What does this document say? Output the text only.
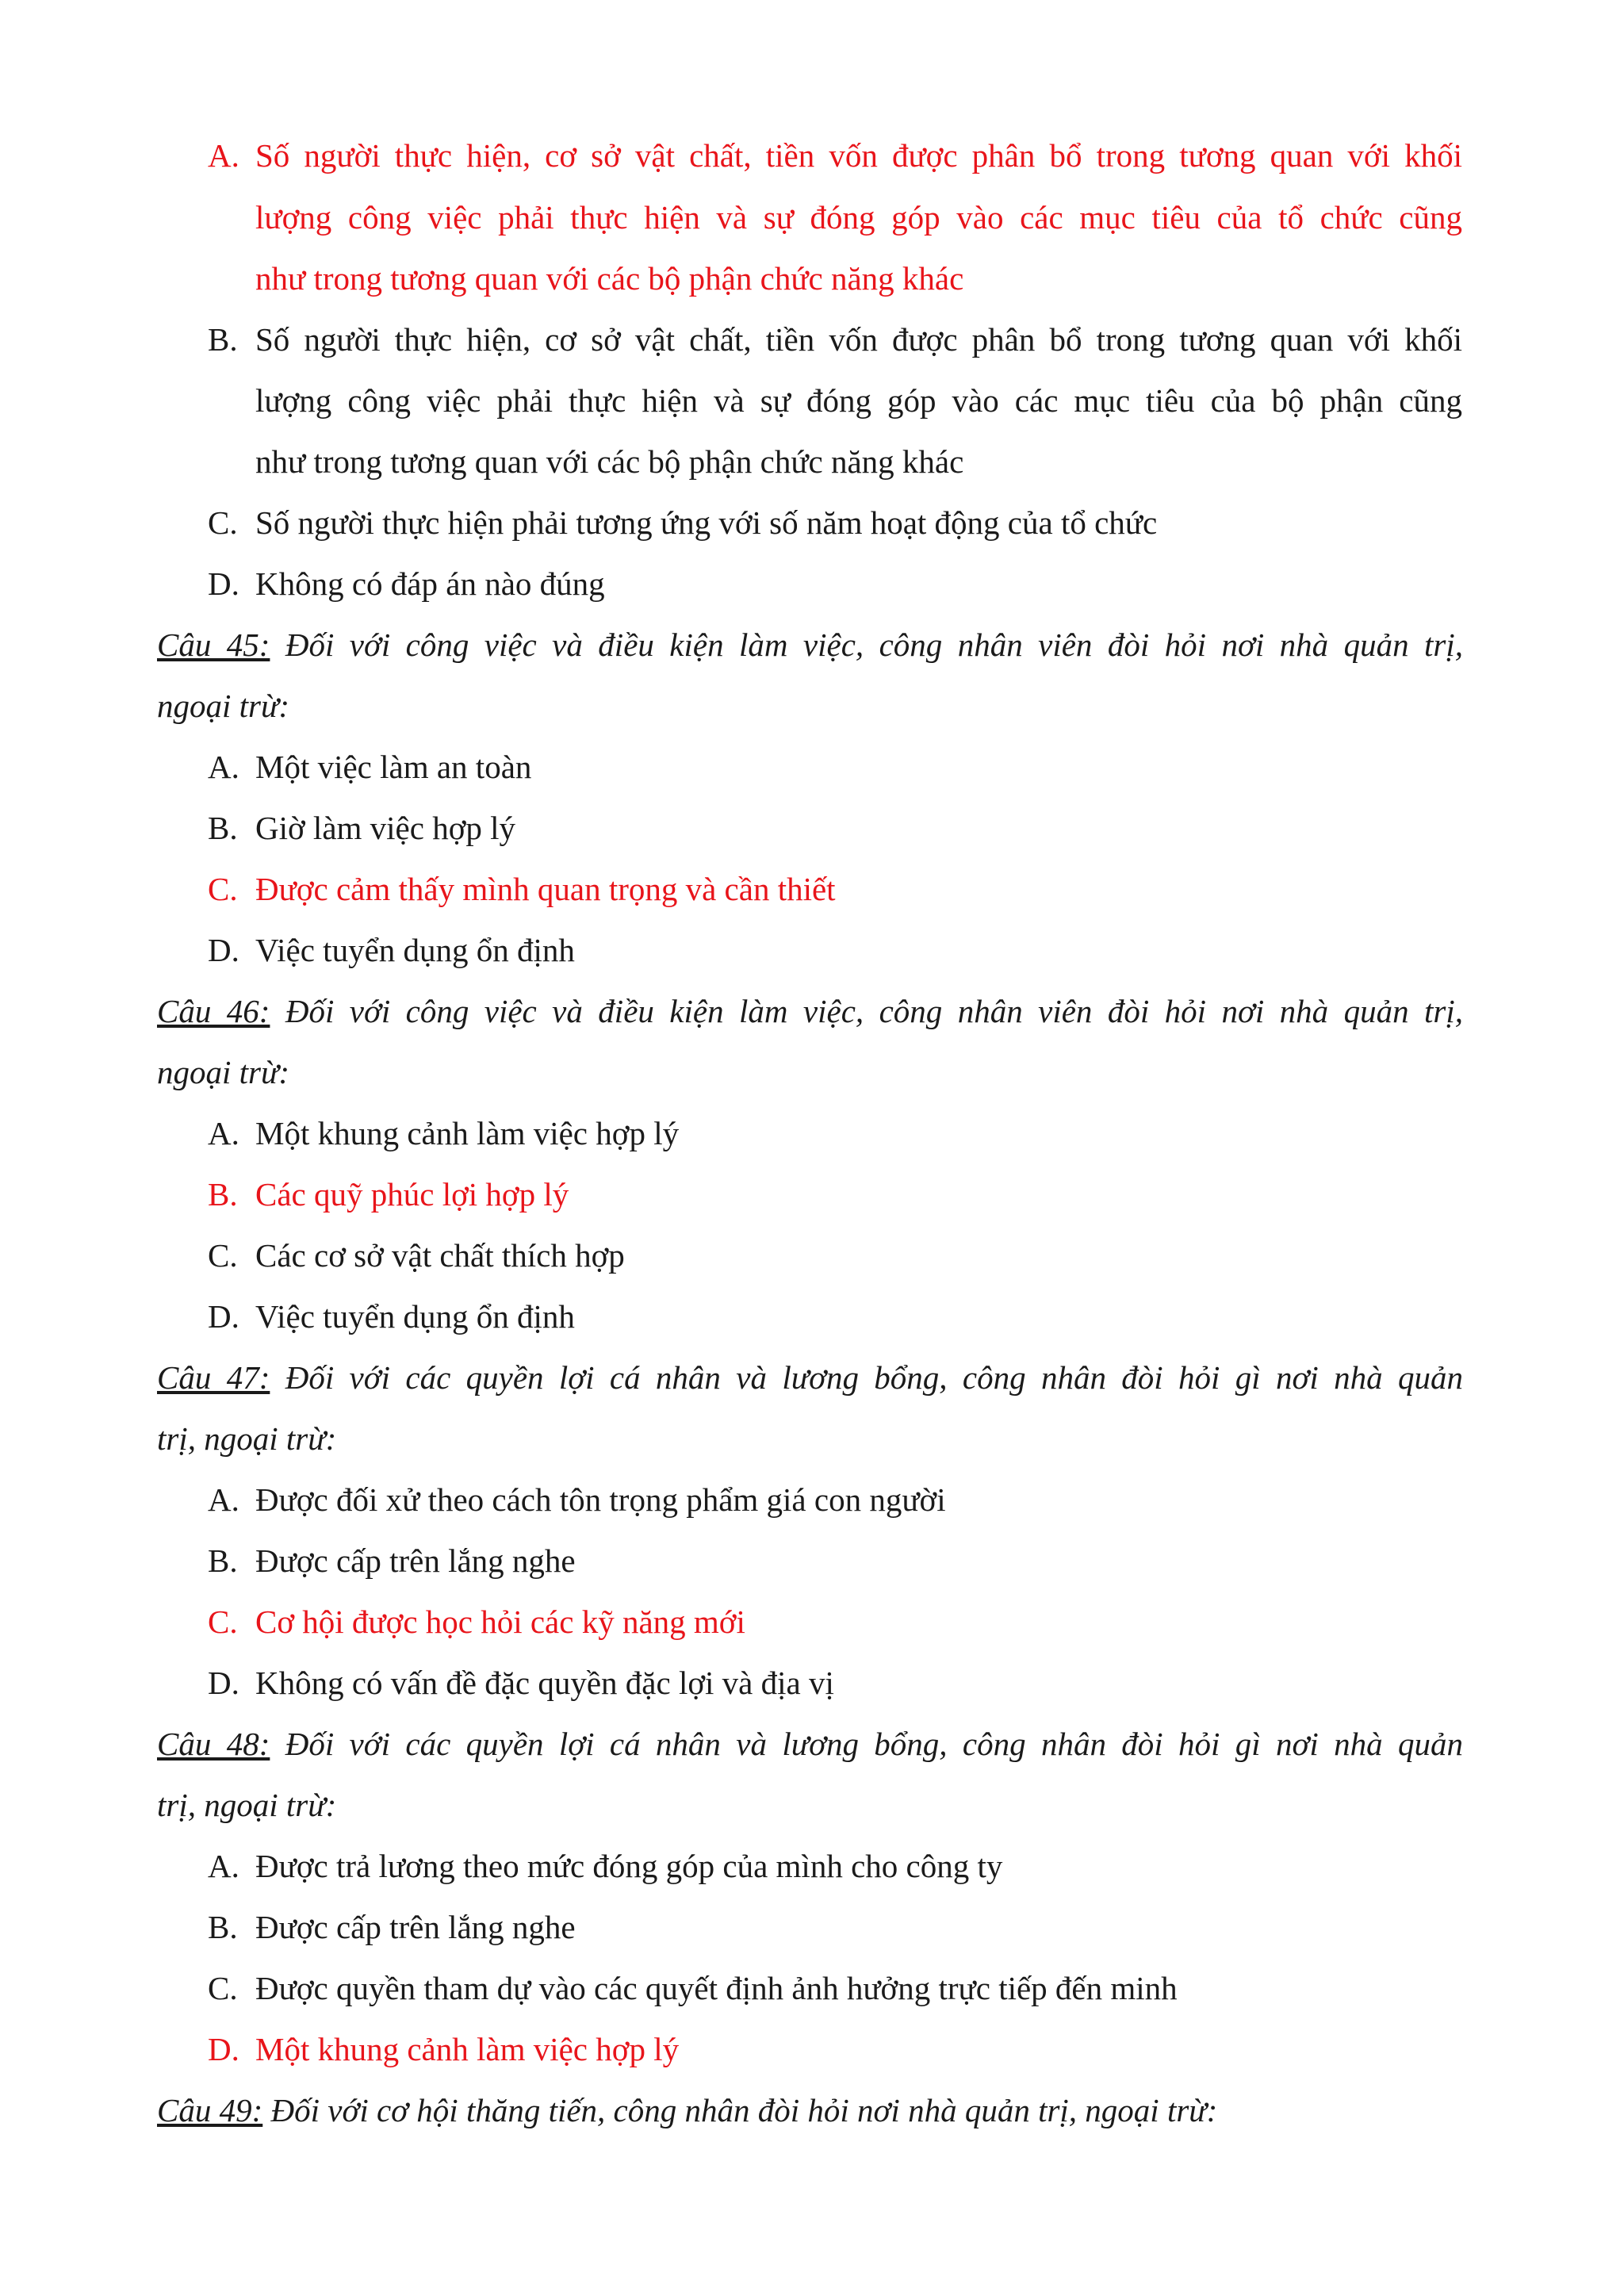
A. Số người thực hiện, cơ sở vật chất, tiền vốn được phân bổ trong tương quan với khối
lượng công việc phải thực hiện và sự đóng góp vào các mục tiêu của tổ chức cũng
như trong tương quan với các bộ phận chức năng khác
B. Số người thực hiện, cơ sở vật chất, tiền vốn được phân bổ trong tương quan với khối
lượng công việc phải thực hiện và sự đóng góp vào các mục tiêu của bộ phận cũng
như trong tương quan với các bộ phận chức năng khác
C. Số người thực hiện phải tương ứng với số năm hoạt động của tổ chức
D. Không có đáp án nào đúng
Câu 45: Đối với công việc và điều kiện làm việc, công nhân viên đòi hỏi nơi nhà quản trị,
ngoại trừ:
A. Một việc làm an toàn
B. Giờ làm việc hợp lý
C. Được cảm thấy mình quan trọng và cần thiết
D. Việc tuyển dụng ổn định
Câu 46: Đối với công việc và điều kiện làm việc, công nhân viên đòi hỏi nơi nhà quản trị,
ngoại trừ:
A. Một khung cảnh làm việc hợp lý
B. Các quỹ phúc lợi hợp lý
C. Các cơ sở vật chất thích hợp
D. Việc tuyển dụng ổn định
Câu 47: Đối với các quyền lợi cá nhân và lương bổng, công nhân đòi hỏi gì nơi nhà quản
trị, ngoại trừ:
A. Được đối xử theo cách tôn trọng phẩm giá con người
B. Được cấp trên lắng nghe
C. Cơ hội được học hỏi các kỹ năng mới
D. Không có vấn đề đặc quyền đặc lợi và địa vị
Câu 48: Đối với các quyền lợi cá nhân và lương bổng, công nhân đòi hỏi gì nơi nhà quản
trị, ngoại trừ:
A. Được trả lương theo mức đóng góp của mình cho công ty
B. Được cấp trên lắng nghe
C. Được quyền tham dự vào các quyết định ảnh hưởng trực tiếp đến minh
D. Một khung cảnh làm việc hợp lý
Câu 49: Đối với cơ hội thăng tiến, công nhân đòi hỏi nơi nhà quản trị, ngoại trừ:
